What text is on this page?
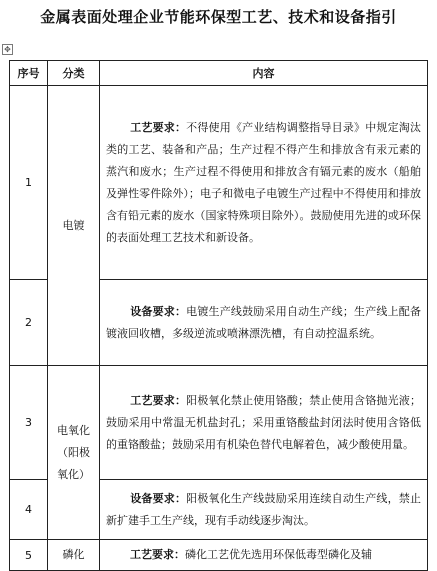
金属表面处理企业节能环保型工艺、技术和设备指引
✥
序号	分类	内容
1	电镀	工艺要求：不得使用《产业结构调整指导目录》中规定淘汰类的工艺、装备和产品；生产过程不得产生和排放含有汞元素的蒸汽和废水；生产过程不得使用和排放含有镉元素的废水（船舶及弹性零件除外）；电子和微电子电镀生产过程中不得使用和排放含有铅元素的废水（国家特殊项目除外）。鼓励使用先进的或环保的表面处理工艺技术和新设备。
2		设备要求：电镀生产线鼓励采用自动生产线；生产线上配备镀液回收槽，多级逆流或喷淋漂洗槽，有自动控温系统。
3	电氧化
（阳极
氧化）	工艺要求：阳极氧化禁止使用铬酸；禁止使用含铬抛光液；鼓励采用中常温无机盐封孔；采用重铬酸盐封闭法时使用含铬低的重铬酸盐；鼓励采用有机染色替代电解着色，减少酸使用量。
4		设备要求：阳极氧化生产线鼓励采用连续自动生产线，禁止新扩建手工生产线，现有手动线逐步淘汰。
5	磷化	工艺要求：磷化工艺优先选用环保低毒型磷化及辅
